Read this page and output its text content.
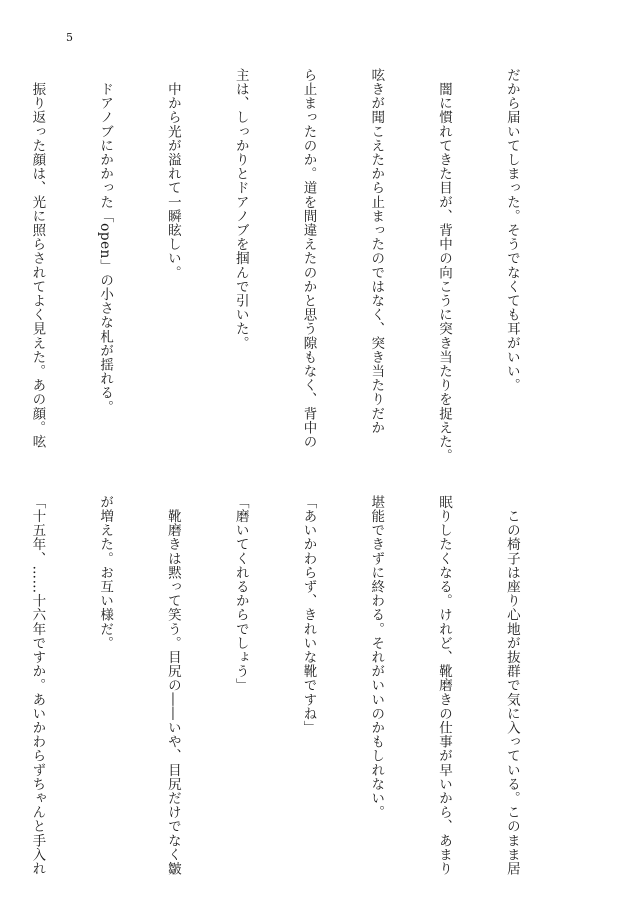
5

だから届いてしまった。そうでなくても耳がいい。

　闇に慣れてきた目が、背中の向こうに突き当たりを捉えた。

呟きが聞こえたから止まったのではなく、突き当たりだか

ら止まったのか。道を間違えたのかと思う隙もなく、背中の

主は、しっかりとドアノブを掴んで引いた。

　中から光が溢れて一瞬眩しい。

　ドアノブにかかった「open」の小さな札が揺れる。

　振り返った顔は、光に照らされてよく見えた。あの顔。呟

　この椅子は座り心地が抜群で気に入っている。このまま居

眠りしたくなる。けれど、靴磨きの仕事が早いから、あまり

堪能できずに終わる。それがいいのかもしれない。

「あいかわらず、きれいな靴ですね」

「磨いてくれるからでしょう」

　靴磨きは黙って笑う。目尻の――いや、目尻だけでなく皺

が増えた。お互い様だ。

「十五年、……十六年ですか。あいかわらずちゃんと手入れ
